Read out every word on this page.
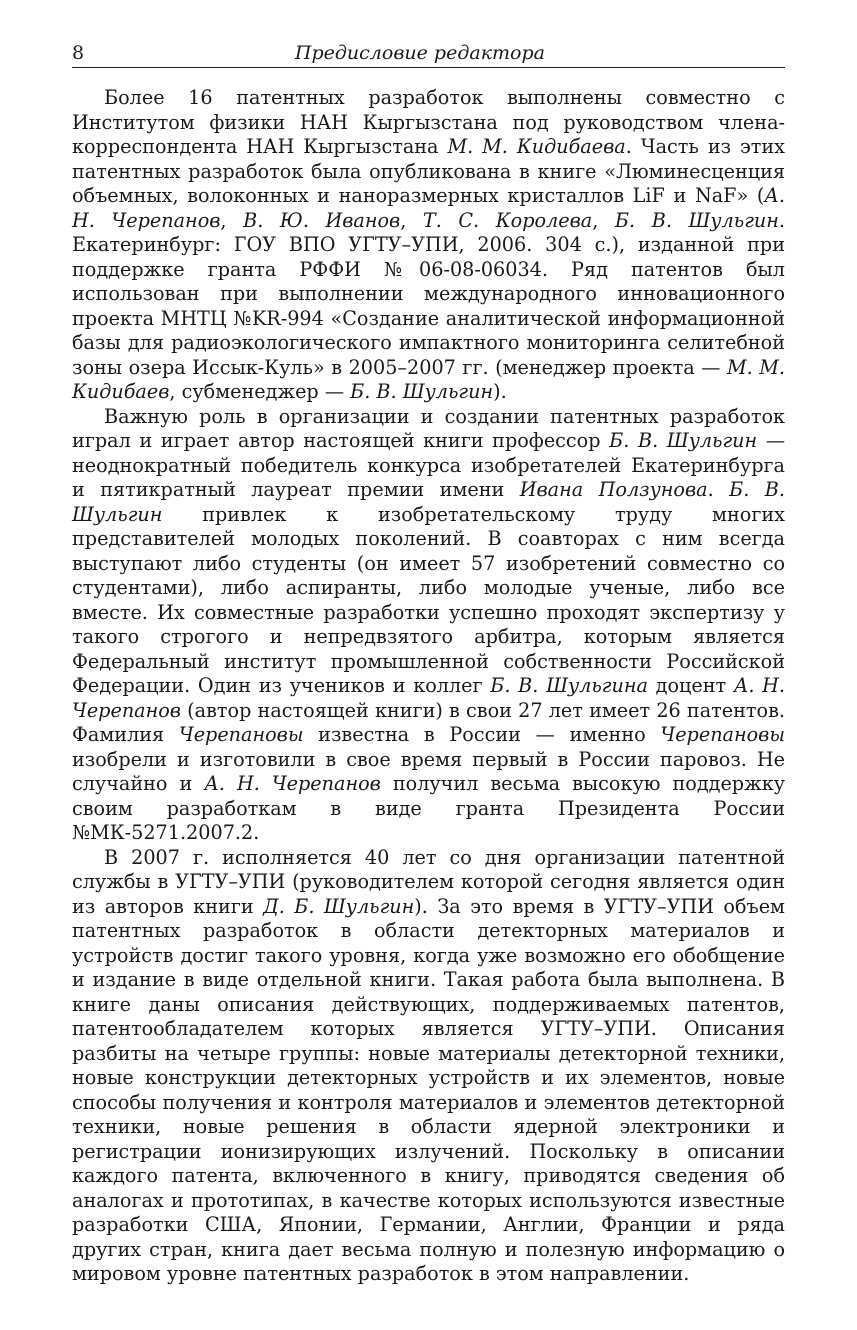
8	Предисловие редактора

Более 16 патентных разработок выполнены совместно с Институтом физики НАН Кыргызстана под руководством члена-корреспондента НАН Кыргызстана М. М. Кидибаева. Часть из этих патентных разработок была опубликована в книге «Люминесценция объемных, волоконных и наноразмерных кристаллов LiF и NaF» (А. Н. Черепанов, В. Ю. Иванов, Т. С. Королева, Б. В. Шульгин. Екатеринбург: ГОУ ВПО УГТУ–УПИ, 2006. 304 с.), изданной при поддержке гранта РФФИ №06-08-06034. Ряд патентов был использован при выполнении международного инновационного проекта МНТЦ №KR-994 «Создание аналитической информационной базы для радиоэкологического импактного мониторинга селитебной зоны озера Иссык-Куль» в 2005–2007 гг. (менеджер проекта — М. М. Кидибаев, субменеджер — Б. В. Шульгин).

Важную роль в организации и создании патентных разработок играл и играет автор настоящей книги профессор Б. В. Шульгин — неоднократный победитель конкурса изобретателей Екатеринбурга и пятикратный лауреат премии имени Ивана Ползунова. Б. В. Шульгин привлек к изобретательскому труду многих представителей молодых поколений. В соавторах с ним всегда выступают либо студенты (он имеет 57 изобретений совместно со студентами), либо аспиранты, либо молодые ученые, либо все вместе. Их совместные разработки успешно проходят экспертизу у такого строгого и непредвзятого арбитра, которым является Федеральный институт промышленной собственности Российской Федерации. Один из учеников и коллег Б. В. Шульгина доцент А. Н. Черепанов (автор настоящей книги) в свои 27 лет имеет 26 патентов. Фамилия Черепановы известна в России — именно Черепановы изобрели и изготовили в свое время первый в России паровоз. Не случайно и А. Н. Черепанов получил весьма высокую поддержку своим разработкам в виде гранта Президента России №МК-5271.2007.2.

В 2007 г. исполняется 40 лет со дня организации патентной службы в УГТУ–УПИ (руководителем которой сегодня является один из авторов книги Д. Б. Шульгин). За это время в УГТУ–УПИ объем патентных разработок в области детекторных материалов и устройств достиг такого уровня, когда уже возможно его обобщение и издание в виде отдельной книги. Такая работа была выполнена. В книге даны описания действующих, поддерживаемых патентов, патентообладателем которых является УГТУ–УПИ. Описания разбиты на четыре группы: новые материалы детекторной техники, новые конструкции детекторных устройств и их элементов, новые способы получения и контроля материалов и элементов детекторной техники, новые решения в области ядерной электроники и регистрации ионизирующих излучений. Поскольку в описании каждого патента, включенного в книгу, приводятся сведения об аналогах и прототипах, в качестве которых используются известные разработки США, Японии, Германии, Англии, Франции и ряда других стран, книга дает весьма полную и полезную информацию о мировом уровне патентных разработок в этом направлении.
